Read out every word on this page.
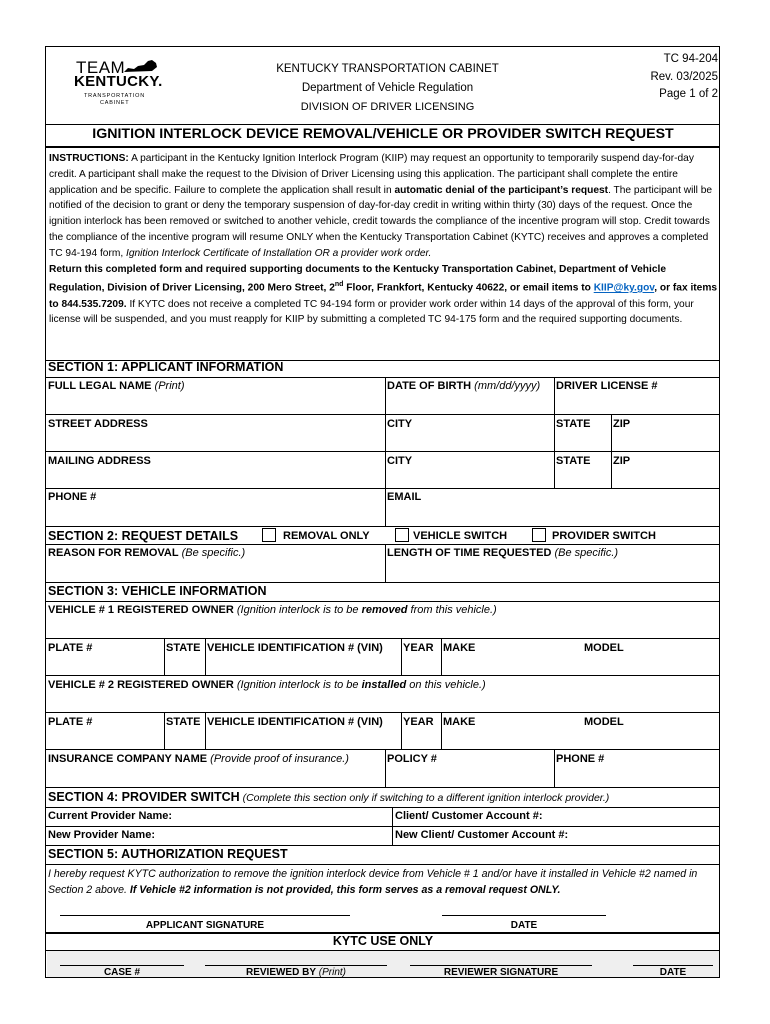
TEAM
KENTUCKY.
TRANSPORTATION
CABINET
KENTUCKY TRANSPORTATION CABINET
Department of Vehicle Regulation
DIVISION OF DRIVER LICENSING
TC 94-204
Rev. 03/2025
Page 1 of 2
IGNITION INTERLOCK DEVICE REMOVAL/VEHICLE OR PROVIDER SWITCH REQUEST
INSTRUCTIONS: A participant in the Kentucky Ignition Interlock Program (KIIP) may request an opportunity to temporarily suspend day-for-day credit. A participant shall make the request to the Division of Driver Licensing using this application. The participant shall complete the entire application and be specific. Failure to complete the application shall result in automatic denial of the participant’s request. The participant will be notified of the decision to grant or deny the temporary suspension of day-for-day credit in writing within thirty (30) days of the request. Once the ignition interlock has been removed or switched to another vehicle, credit towards the compliance of the incentive program will stop. Credit towards the compliance of the incentive program will resume ONLY when the Kentucky Transportation Cabinet (KYTC) receives and approves a completed TC 94-194 form, Ignition Interlock Certificate of Installation OR a provider work order.
Return this completed form and required supporting documents to the Kentucky Transportation Cabinet, Department of Vehicle Regulation, Division of Driver Licensing, 200 Mero Street, 2nd Floor, Frankfort, Kentucky 40622, or email items to KIIP@ky.gov, or fax items to 844.535.7209. If KYTC does not receive a completed TC 94-194 form or provider work order within 14 days of the approval of this form, your license will be suspended, and you must reapply for KIIP by submitting a completed TC 94-175 form and the required supporting documents.
SECTION 1: APPLICANT INFORMATION
FULL LEGAL NAME (Print)	DATE OF BIRTH (mm/dd/yyyy) DRIVER LICENSE #
STREET ADDRESS	CITY	STATE ZIP
MAILING ADDRESS	CITY	STATE ZIP
PHONE #	EMAIL
SECTION 2: REQUEST DETAILS	REMOVAL ONLY	VEHICLE SWITCH	PROVIDER SWITCH
REASON FOR REMOVAL (Be specific.)	LENGTH OF TIME REQUESTED (Be specific.)
SECTION 3: VEHICLE INFORMATION
VEHICLE # 1 REGISTERED OWNER (Ignition interlock is to be removed from this vehicle.)
PLATE #	STATE VEHICLE IDENTIFICATION # (VIN) YEAR MAKE	MODEL
VEHICLE # 2 REGISTERED OWNER (Ignition interlock is to be installed on this vehicle.)
PLATE #	STATE VEHICLE IDENTIFICATION # (VIN) YEAR MAKE	MODEL
INSURANCE COMPANY NAME (Provide proof of insurance.)	POLICY #	PHONE #
SECTION 4: PROVIDER SWITCH (Complete this section only if switching to a different ignition interlock provider.)
Current Provider Name:	Client/ Customer Account #:
New Provider Name:	New Client/ Customer Account #:
SECTION 5: AUTHORIZATION REQUEST
I hereby request KYTC authorization to remove the ignition interlock device from Vehicle # 1 and/or have it installed in Vehicle #2 named in Section 2 above. If Vehicle #2 information is not provided, this form serves as a removal request ONLY.
APPLICANT SIGNATURE	DATE
KYTC USE ONLY
CASE #	REVIEWED BY (Print)	REVIEWER SIGNATURE	DATE
